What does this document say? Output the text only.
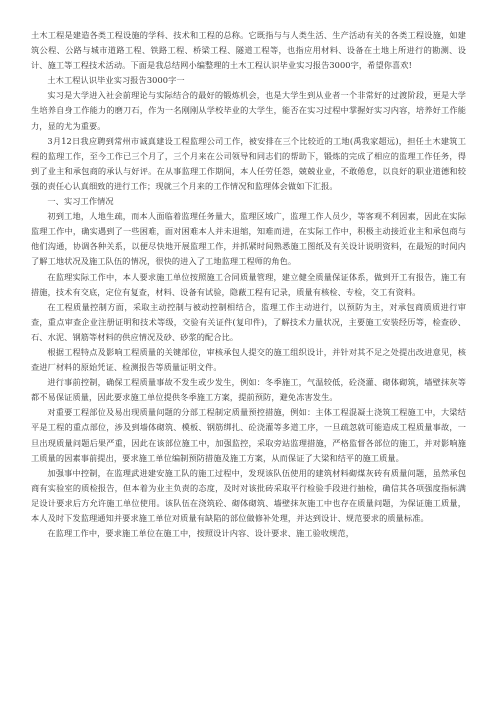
土木工程是建造各类工程设施的学科、技术和工程的总称。它既指与与人类生活、生产活动有关的各类工程设施，如建筑公程、公路与城市道路工程、铁路工程、桥梁工程、隧道工程等，也指应用材料、设备在土地上所进行的勘测、设计、施工等工程技术活动。下面是我总结网小编整理的土木工程认识毕业实习报告3000字，希望你喜欢!

土木工程认识毕业实习报告3000字一

实习是大学进入社会前理论与实际结合的最好的锻炼机会，也是大学生到从业者一个非常好的过渡阶段，更是大学生培养自身工作能力的磨刀石，作为一名刚刚从学校毕业的大学生，能否在实习过程中掌握好实习内容，培养好工作能力，显的尤为重要。

3月12日我应聘到常州市诚真建设工程监理公司工作，被安排在三个比较近的工地(禹我家超远)，担任土木建筑工程的监理工作，至今工作已三个月了，三个月来在公司领导和同志们的帮助下，锻炼的完成了相应的监理工作任务，得到了业主和承包商的承认与好评。在从事监理工作期间，本人任劳任怨，兢兢业业，不敢倦怠，以良好的职业道德和较强的责任心认真细致的进行工作；现就三个月来的工作情况和监理体会做如下汇报。

一、实习工作情况

初到工地，人地生疏，而本人面临着监理任务量大，监理区域广，监理工作人员少，等客观不利因素，因此在实际监理工作中，确实遇到了一些困难，面对困难本人并未退缩，知难而进，在实际工作中，积极主动接近业主和承包商与他们沟通，协调各种关系，以便尽快地开展监理工作，并抓紧时间熟悉施工图纸及有关设计说明资料，在最短的时间内了解工地状况及施工队伍的情况，很快的进入了工地监理工程师的角色。

在监理实际工作中，本人要求施工单位按照施工合同质量管理，建立健全质量保证体系，做到开工有报告，施工有措施，技术有交底，定位有复查，材料、设备有试验，隐蔽工程有记录，质量有核检、专检，交工有资料。

在工程质量控制方面，采取主动控制与被动控制相结合，监理工作主动进行，以预防为主，对承包商质质进行审查，重点审查企业注册证明和技术等级，交验有关证件(复印件)，了解技术力量状况，主要施工安装经历等，检查砂、石、水泥、钢筋等材料的供应情况及砂、砂浆的配合比。

根据工程特点及影响工程质量的关键部位，审核承包人提交的施工组织设计，并针对其不足之处提出改进意见，核查进厂材料的原始凭证、检测报告等质量证明文件。

进行事前控制，确保工程质量事故不发生或少发生，例如：冬季施工，气温较低，砼浇灌、砌体砌筑，墙壁抹灰等都不易保证质量，因此要求施工单位提供冬季施工方案，提前预防，避免冻害发生。

对重要工程部位及易出现质量问题的分部工程制定质量预控措施，例如：主体工程混凝土浇筑工程施工中，大梁结平是工程的重点部位，涉及到墙体砌筑、模板、钢筋绑扎、砼浇灌等多道工序，一旦疏忽就可能造成工程质量事故，一旦出现质量问题后果严重，因此在该部位施工中，加强监控，采取旁站监理措施，严格监督各部位的施工，并对影响施工质量的因素事前提出，要求施工单位编制预防措施及施工方案，从而保证了大梁和结平的施工质量。

加强事中控制，在监理武进建安施工队的施工过程中，发现该队伍使用的建筑材料砌煤灰砖有质量问题，虽然承包商有实验室的质检报告，但本着为业主负责的态度，及时对该批砖采取平行检验手段进行抽检，确信其各项强度指标满足设计要求后方允许施工单位使用。该队伍在浇筑砼、砌体砌筑、墙壁抹灰施工中也存在质量问题，为保证施工质量，本人及时下发监理通知并要求施工单位对质量有缺陷的部位做修补处理，并达到设计、规范要求的质量标准。

在监理工作中，要求施工单位在施工中，按照设计内容、设计要求、施工验收规范，
